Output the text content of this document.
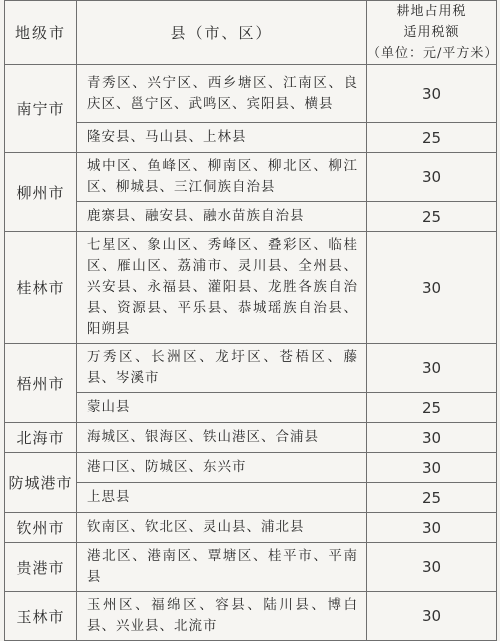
地级市	县（市、区）	耕地占用税
适用税额
（单位：元/平方米）

南宁市	青秀区、兴宁区、西乡塘区、江南区、良庆区、邕宁区、武鸣区、宾阳县、横县	30
	隆安县、马山县、上林县	25
柳州市	城中区、鱼峰区、柳南区、柳北区、柳江区、柳城县、三江侗族自治县	30
	鹿寨县、融安县、融水苗族自治县	25
桂林市	七星区、象山区、秀峰区、叠彩区、临桂区、雁山区、荔浦市、灵川县、全州县、兴安县、永福县、灌阳县、龙胜各族自治县、资源县、平乐县、恭城瑶族自治县、阳朔县	30
梧州市	万秀区、长洲区、龙圩区、苍梧区、藤县、岑溪市	30
	蒙山县	25
北海市	海城区、银海区、铁山港区、合浦县	30
防城港市	港口区、防城区、东兴市	30
	上思县	25
钦州市	钦南区、钦北区、灵山县、浦北县	30
贵港市	港北区、港南区、覃塘区、桂平市、平南县	30
玉林市	玉州区、福绵区、容县、陆川县、博白县、兴业县、北流市	30
